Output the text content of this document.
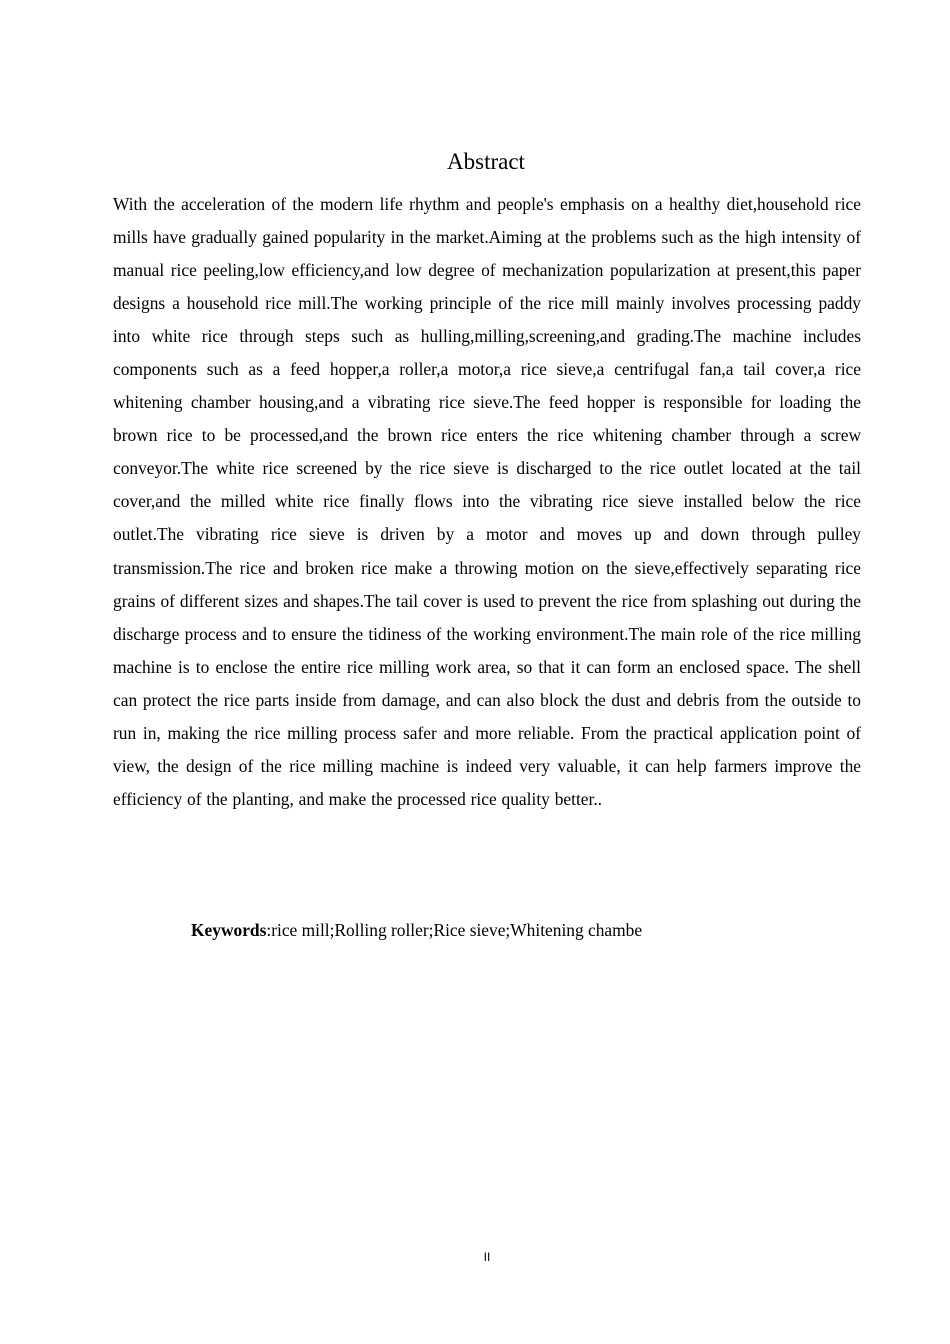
Abstract

With the acceleration of the modern life rhythm and people's emphasis on a healthy diet,household rice mills have gradually gained popularity in the market.Aiming at the problems such as the high intensity of manual rice peeling,low efficiency,and low degree of mechanization popularization at present,this paper designs a household rice mill.The working principle of the rice mill mainly involves processing paddy into white rice through steps such as hulling,milling,screening,and grading.The machine includes components such as a feed hopper,a roller,a motor,a rice sieve,a centrifugal fan,a tail cover,a rice whitening chamber housing,and a vibrating rice sieve.The feed hopper is responsible for loading the brown rice to be processed,and the brown rice enters the rice whitening chamber through a screw conveyor.The white rice screened by the rice sieve is discharged to the rice outlet located at the tail cover,and the milled white rice finally flows into the vibrating rice sieve installed below the rice outlet.The vibrating rice sieve is driven by a motor and moves up and down through pulley transmission.The rice and broken rice make a throwing motion on the sieve,effectively separating rice grains of different sizes and shapes.The tail cover is used to prevent the rice from splashing out during the discharge process and to ensure the tidiness of the working environment.The main role of the rice milling machine is to enclose the entire rice milling work area, so that it can form an enclosed space. The shell can protect the rice parts inside from damage, and can also block the dust and debris from the outside to run in, making the rice milling process safer and more reliable. From the practical application point of view, the design of the rice milling machine is indeed very valuable, it can help farmers improve the efficiency of the planting, and make the processed rice quality better..

Keywords:rice mill;Rolling roller;Rice sieve;Whitening chambe

II
